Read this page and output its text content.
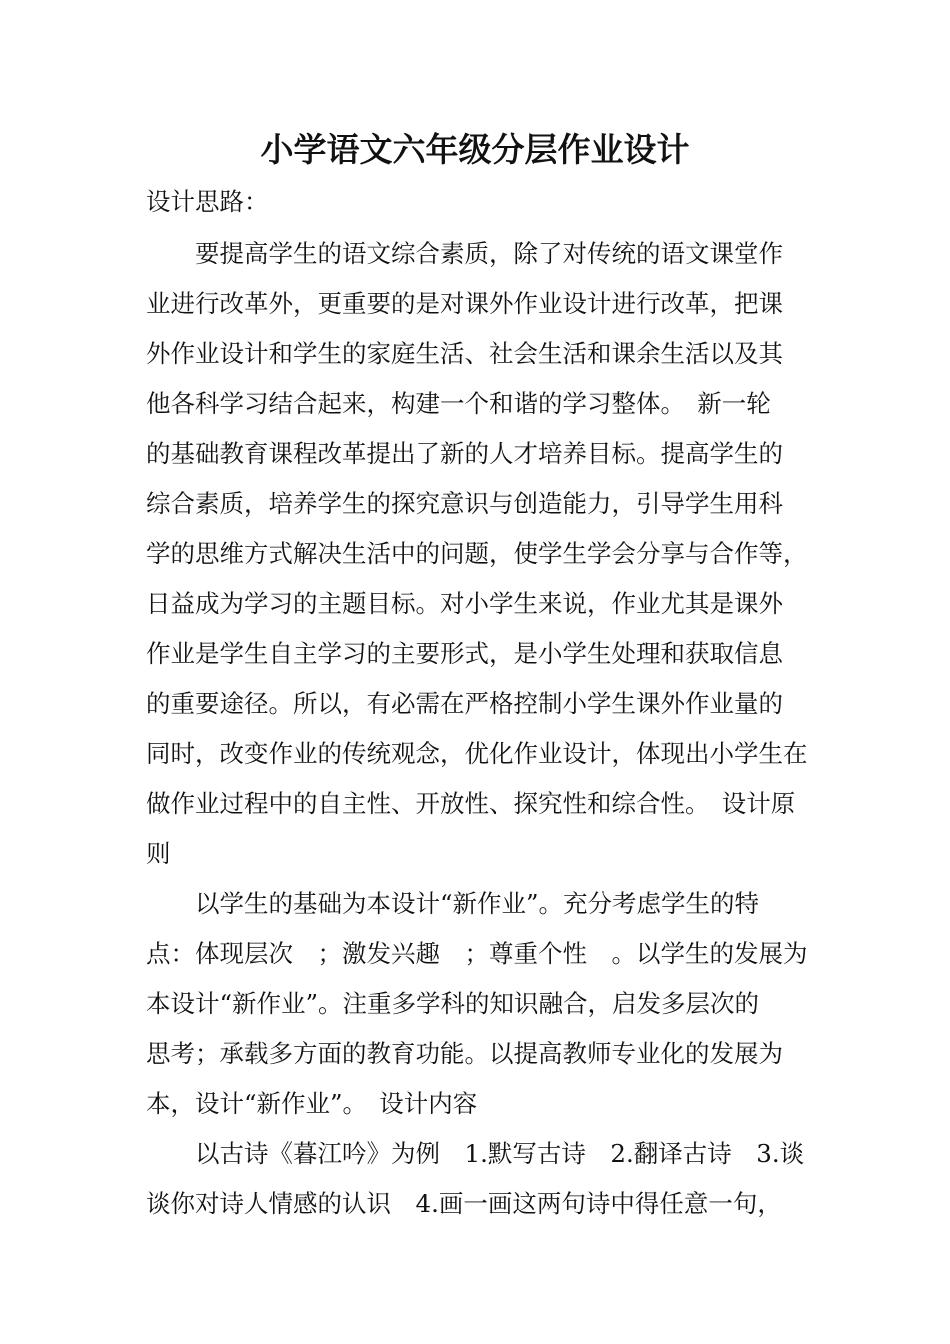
小学语文六年级分层作业设计
设计思路：
　　要提高学生的语文综合素质，除了对传统的语文课堂作
业进行改革外，更重要的是对课外作业设计进行改革，把课
外作业设计和学生的家庭生活、社会生活和课余生活以及其
他各科学习结合起来，构建一个和谐的学习整体。　新一轮
的基础教育课程改革提出了新的人才培养目标。提高学生的
综合素质，培养学生的探究意识与创造能力，引导学生用科
学的思维方式解决生活中的问题，使学生学会分享与合作等，
日益成为学习的主题目标。对小学生来说，作业尤其是课外
作业是学生自主学习的主要形式，是小学生处理和获取信息
的重要途径。所以，有必需在严格控制小学生课外作业量的
同时，改变作业的传统观念，优化作业设计，体现出小学生在
做作业过程中的自主性、开放性、探究性和综合性。　设计原
则
　　以学生的基础为本设计“新作业”。充分考虑学生的特
点：体现层次　；激发兴趣　；尊重个性　。以学生的发展为
本设计“新作业”。注重多学科的知识融合，启发多层次的
思考；承载多方面的教育功能。以提高教师专业化的发展为
本，设计“新作业”。　设计内容
　　以古诗《暮江吟》为例　1.默写古诗　2.翻译古诗　3.谈
谈你对诗人情感的认识　4.画一画这两句诗中得任意一句，
